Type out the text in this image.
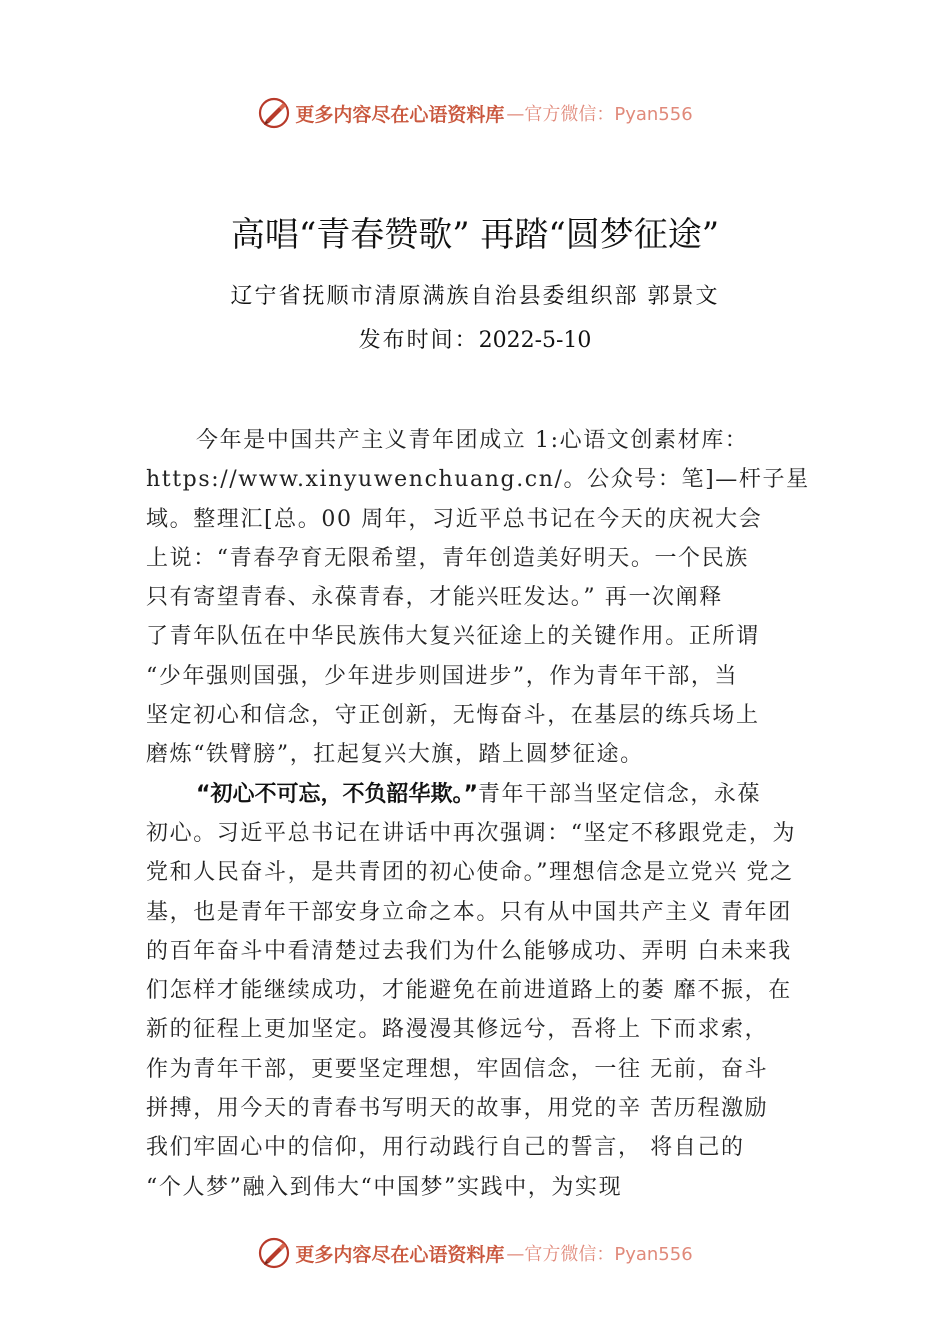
更多内容尽在心语资料库 —官方微信：Pyan556
高唱“青春赞歌” 再踏“圆梦征途”
辽宁省抚顺市清原满族自治县委组织部 郭景文
发布时间：2022-5-10
今年是中国共产主义青年团成立 1:心语文创素材库：
https://www.xinyuwenchuang.cn/。公众号：笔]—杆子星
域。整理汇[总。00 周年，习近平总书记在今天的庆祝大会
上说：“青春孕育无限希望，青年创造美好明天。一个民族
只有寄望青春、永葆青春，才能兴旺发达。” 再一次阐释
了青年队伍在中华民族伟大复兴征途上的关键作用。正所谓
“少年强则国强，少年进步则国进步”，作为青年干部，当
坚定初心和信念，守正创新，无悔奋斗，在基层的练兵场上
磨炼“铁臂膀”，扛起复兴大旗，踏上圆梦征途。
“初心不可忘，不负韶华欺。”青年干部当坚定信念，永葆
初心。习近平总书记在讲话中再次强调：“坚定不移跟党走，为
党和人民奋斗，是共青团的初心使命。”理想信念是立党兴 党之
基，也是青年干部安身立命之本。只有从中国共产主义 青年团
的百年奋斗中看清楚过去我们为什么能够成功、弄明 白未来我
们怎样才能继续成功，才能避免在前进道路上的萎 靡不振，在
新的征程上更加坚定。路漫漫其修远兮，吾将上 下而求索，
作为青年干部，更要坚定理想，牢固信念，一往 无前，奋斗
拼搏，用今天的青春书写明天的故事，用党的辛 苦历程激励
我们牢固心中的信仰，用行动践行自己的誓言， 将自己的
“个人梦”融入到伟大“中国梦”实践中，为实现
更多内容尽在心语资料库 —官方微信：Pyan556
